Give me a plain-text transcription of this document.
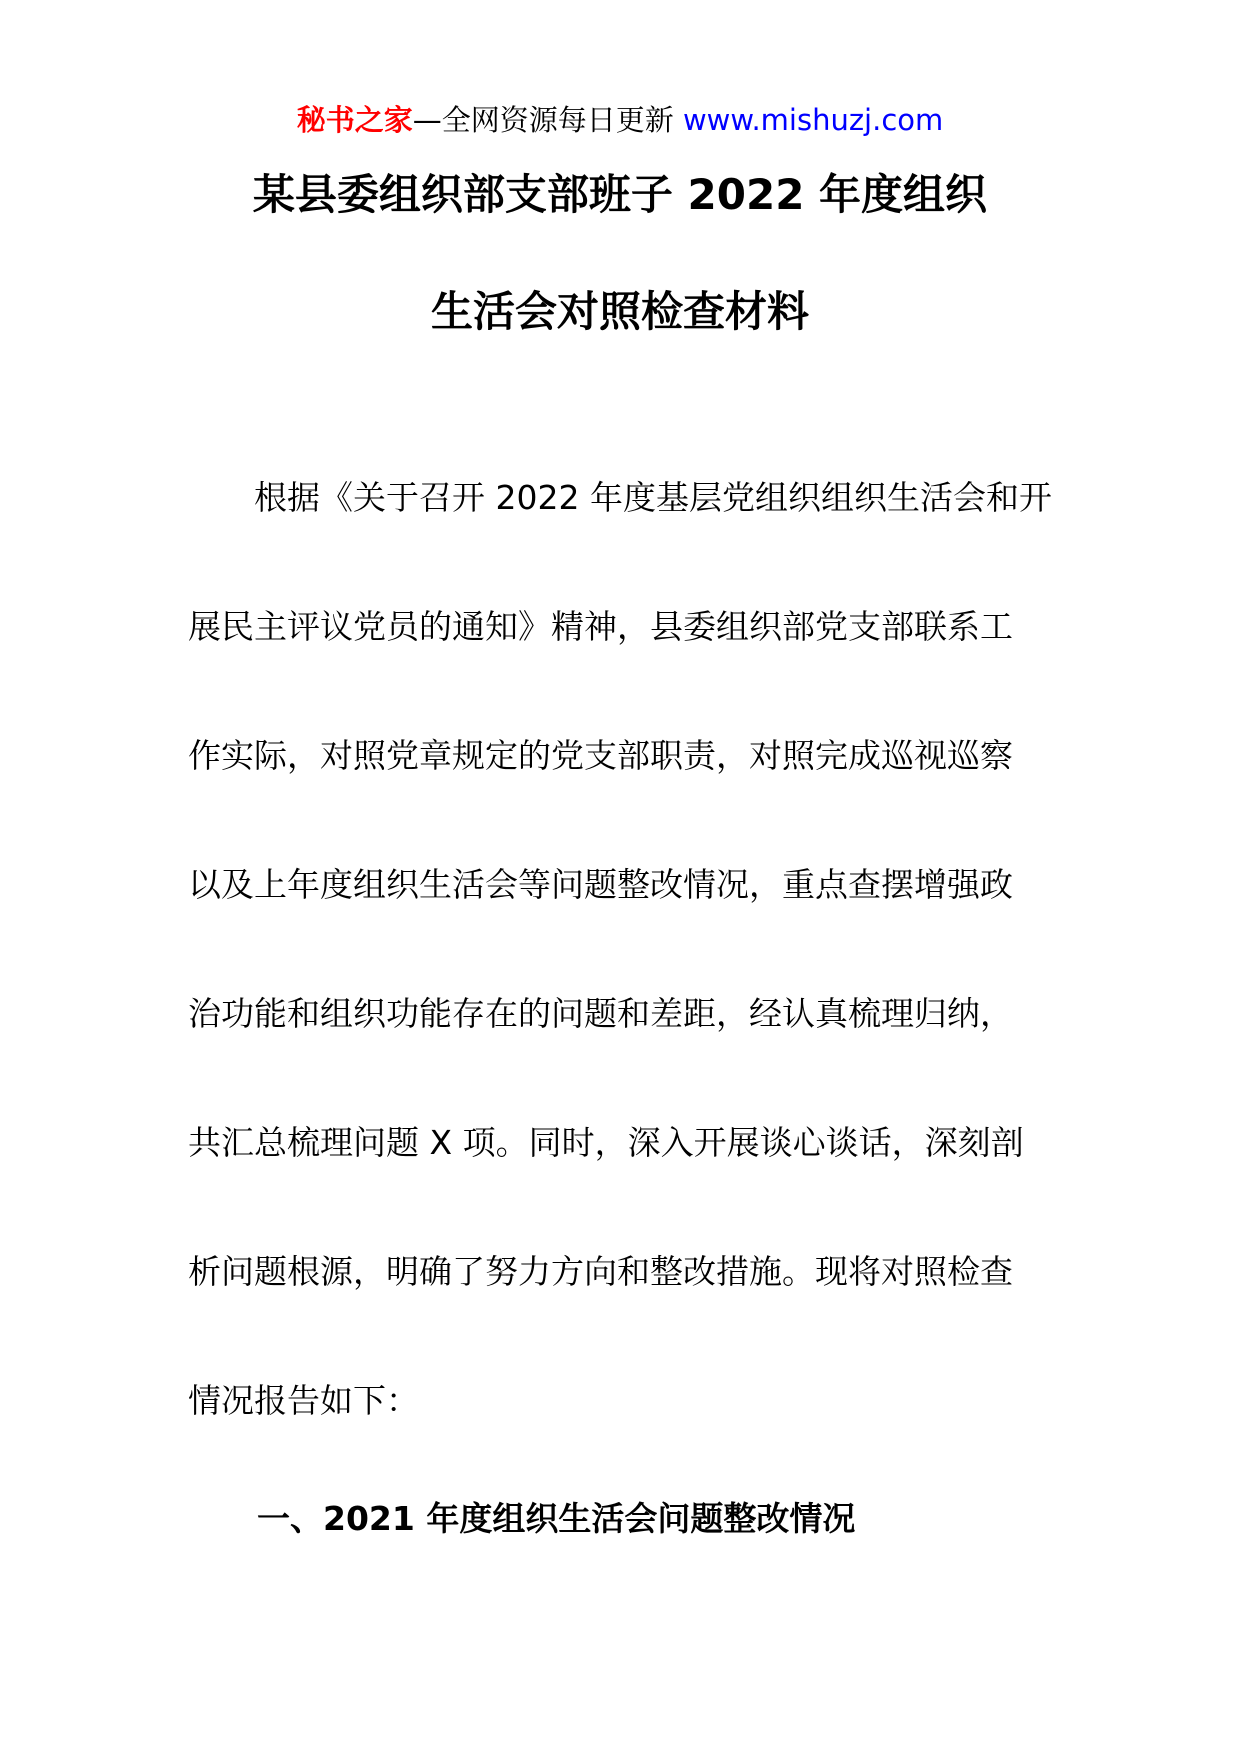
秘书之家—全网资源每日更新 www.mishuzj.com
某县委组织部支部班子 2022 年度组织
生活会对照检查材料
根据《关于召开 2022 年度基层党组织组织生活会和开
展民主评议党员的通知》精神，县委组织部党支部联系工
作实际，对照党章规定的党支部职责，对照完成巡视巡察
以及上年度组织生活会等问题整改情况，重点查摆增强政
治功能和组织功能存在的问题和差距，经认真梳理归纳，
共汇总梳理问题 X 项。同时，深入开展谈心谈话，深刻剖
析问题根源，明确了努力方向和整改措施。现将对照检查
情况报告如下：
一、2021 年度组织生活会问题整改情况
